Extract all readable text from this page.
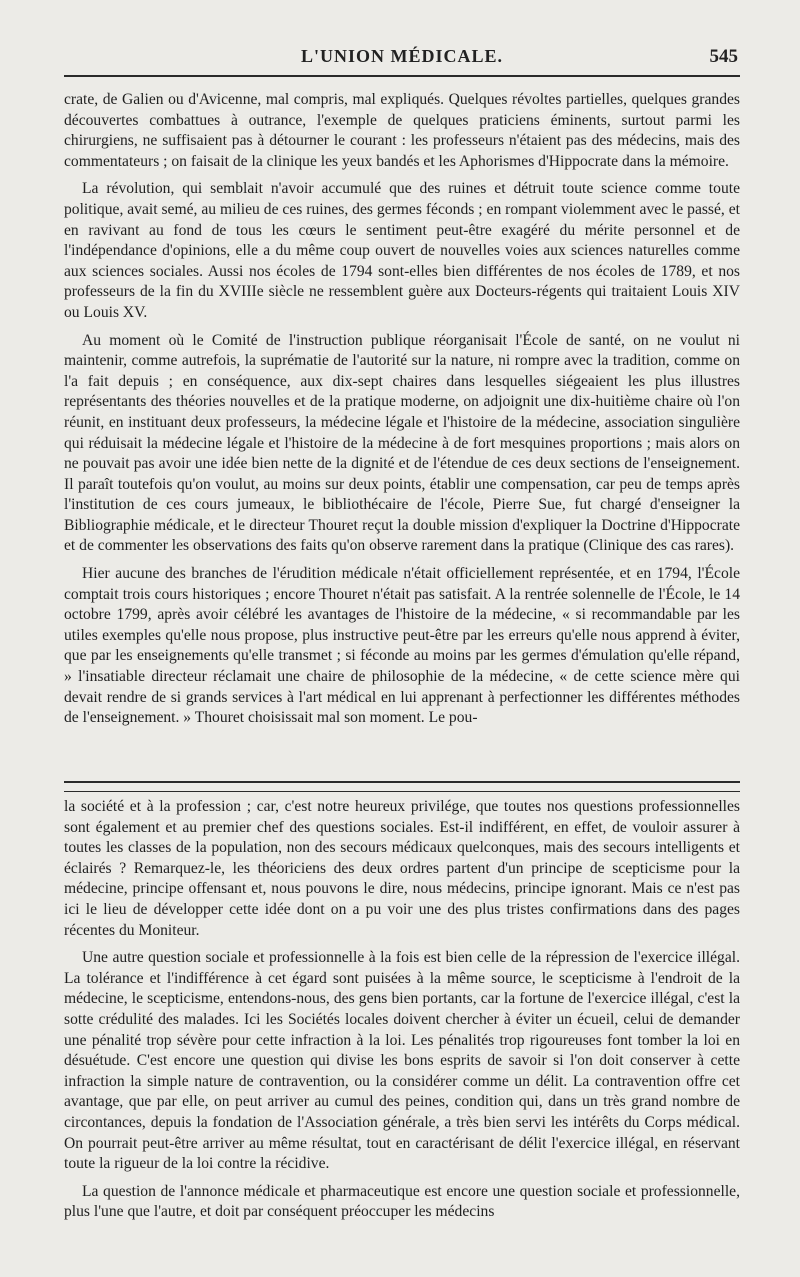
L'UNION MÉDICALE.	545

crate, de Galien ou d'Avicenne, mal compris, mal expliqués. Quelques révoltes partielles, quelques grandes découvertes combattues à outrance, l'exemple de quelques praticiens éminents, surtout parmi les chirurgiens, ne suffisaient pas à détourner le courant : les professeurs n'étaient pas des médecins, mais des commentateurs ; on faisait de la clinique les yeux bandés et les Aphorismes d'Hippocrate dans la mémoire.

La révolution, qui semblait n'avoir accumulé que des ruines et détruit toute science comme toute politique, avait semé, au milieu de ces ruines, des germes féconds ; en rompant violemment avec le passé, et en ravivant au fond de tous les cœurs le sentiment peut-être exagéré du mérite personnel et de l'indépendance d'opinions, elle a du même coup ouvert de nouvelles voies aux sciences naturelles comme aux sciences sociales. Aussi nos écoles de 1794 sont-elles bien différentes de nos écoles de 1789, et nos professeurs de la fin du XVIIIe siècle ne ressemblent guère aux Docteurs-régents qui traitaient Louis XIV ou Louis XV.

Au moment où le Comité de l'instruction publique réorganisait l'École de santé, on ne voulut ni maintenir, comme autrefois, la suprématie de l'autorité sur la nature, ni rompre avec la tradition, comme on l'a fait depuis ; en conséquence, aux dix-sept chaires dans lesquelles siégeaient les plus illustres représentants des théories nouvelles et de la pratique moderne, on adjoignit une dix-huitième chaire où l'on réunit, en instituant deux professeurs, la médecine légale et l'histoire de la médecine, association singulière qui réduisait la médecine légale et l'histoire de la médecine à de fort mesquines proportions ; mais alors on ne pouvait pas avoir une idée bien nette de la dignité et de l'étendue de ces deux sections de l'enseignement. Il paraît toutefois qu'on voulut, au moins sur deux points, établir une compensation, car peu de temps après l'institution de ces cours jumeaux, le bibliothécaire de l'école, Pierre Sue, fut chargé d'enseigner la Bibliographie médicale, et le directeur Thouret reçut la double mission d'expliquer la Doctrine d'Hippocrate et de commenter les observations des faits qu'on observe rarement dans la pratique (Clinique des cas rares).

Hier aucune des branches de l'érudition médicale n'était officiellement représentée, et en 1794, l'École comptait trois cours historiques ; encore Thouret n'était pas satisfait. A la rentrée solennelle de l'École, le 14 octobre 1799, après avoir célébré les avantages de l'histoire de la médecine, « si recommandable par les utiles exemples qu'elle nous propose, plus instructive peut-être par les erreurs qu'elle nous apprend à éviter, que par les enseignements qu'elle transmet ; si féconde au moins par les germes d'émulation qu'elle répand, » l'insatiable directeur réclamait une chaire de philosophie de la médecine, « de cette science mère qui devait rendre de si grands services à l'art médical en lui apprenant à perfectionner les différentes méthodes de l'enseignement. » Thouret choisissait mal son moment. Le pou-

la société et à la profession ; car, c'est notre heureux privilége, que toutes nos questions professionnelles sont également et au premier chef des questions sociales. Est-il indifférent, en effet, de vouloir assurer à toutes les classes de la population, non des secours médicaux quelconques, mais des secours intelligents et éclairés ? Remarquez-le, les théoriciens des deux ordres partent d'un principe de scepticisme pour la médecine, principe offensant et, nous pouvons le dire, nous médecins, principe ignorant. Mais ce n'est pas ici le lieu de développer cette idée dont on a pu voir une des plus tristes confirmations dans des pages récentes du Moniteur.

Une autre question sociale et professionnelle à la fois est bien celle de la répression de l'exercice illégal. La tolérance et l'indifférence à cet égard sont puisées à la même source, le scepticisme à l'endroit de la médecine, le scepticisme, entendons-nous, des gens bien portants, car la fortune de l'exercice illégal, c'est la sotte crédulité des malades. Ici les Sociétés locales doivent chercher à éviter un écueil, celui de demander une pénalité trop sévère pour cette infraction à la loi. Les pénalités trop rigoureuses font tomber la loi en désuétude. C'est encore une question qui divise les bons esprits de savoir si l'on doit conserver à cette infraction la simple nature de contravention, ou la considérer comme un délit. La contravention offre cet avantage, que par elle, on peut arriver au cumul des peines, condition qui, dans un très grand nombre de circontances, depuis la fondation de l'Association générale, a très bien servi les intérêts du Corps médical. On pourrait peut-être arriver au même résultat, tout en caractérisant de délit l'exercice illégal, en réservant toute la rigueur de la loi contre la récidive.

La question de l'annonce médicale et pharmaceutique est encore une question sociale et professionnelle, plus l'une que l'autre, et doit par conséquent préoccuper les médecins
